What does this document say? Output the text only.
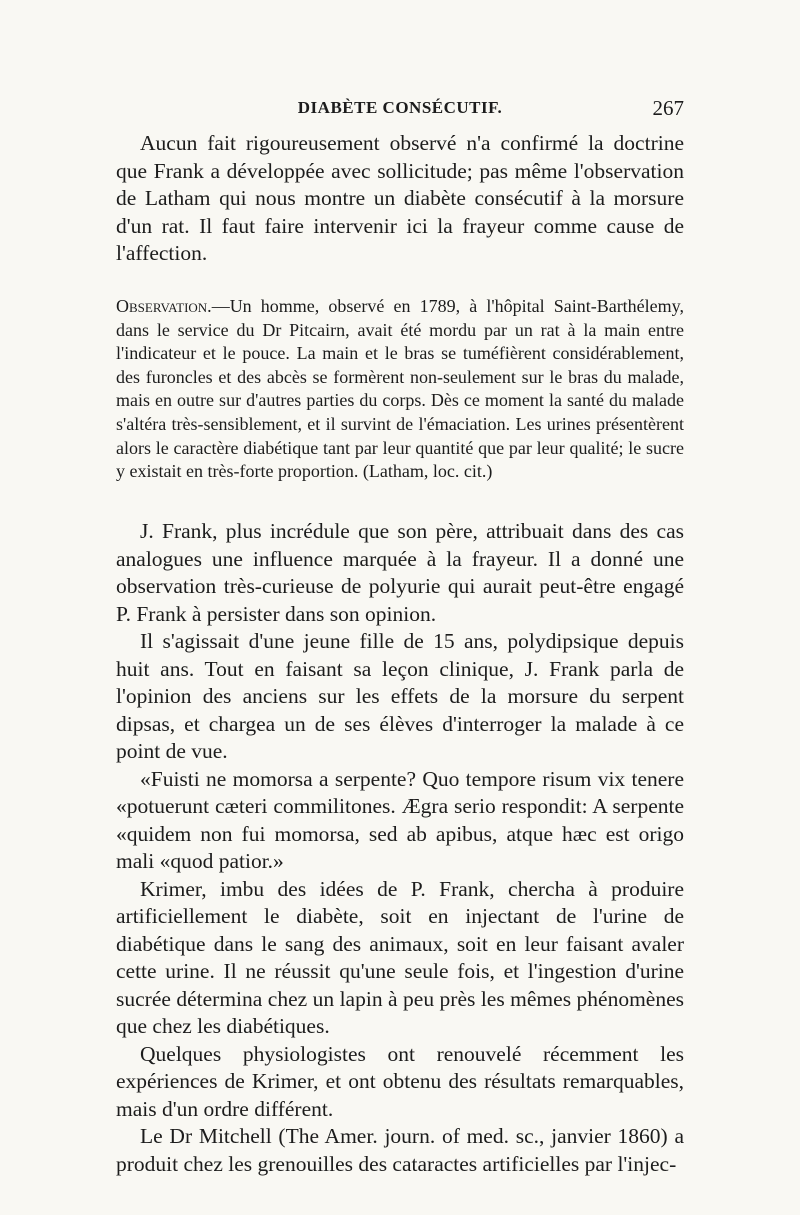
DIABÈTE CONSÉCUTIF.	267

Aucun fait rigoureusement observé n'a confirmé la doctrine que Frank a développée avec sollicitude; pas même l'observation de Latham qui nous montre un diabète consécutif à la morsure d'un rat. Il faut faire intervenir ici la frayeur comme cause de l'affection.

Observation.—Un homme, observé en 1789, à l'hôpital Saint-Barthélemy, dans le service du Dr Pitcairn, avait été mordu par un rat à la main entre l'indicateur et le pouce. La main et le bras se tuméfièrent considérablement, des furoncles et des abcès se formèrent non-seulement sur le bras du malade, mais en outre sur d'autres parties du corps. Dès ce moment la santé du malade s'altéra très-sensiblement, et il survint de l'émaciation. Les urines présentèrent alors le caractère diabétique tant par leur quantité que par leur qualité; le sucre y existait en très-forte proportion. (Latham, loc. cit.)

J. Frank, plus incrédule que son père, attribuait dans des cas analogues une influence marquée à la frayeur. Il a donné une observation très-curieuse de polyurie qui aurait peut-être engagé P. Frank à persister dans son opinion.

Il s'agissait d'une jeune fille de 15 ans, polydipsique depuis huit ans. Tout en faisant sa leçon clinique, J. Frank parla de l'opinion des anciens sur les effets de la morsure du serpent dipsas, et chargea un de ses élèves d'interroger la malade à ce point de vue.

«Fuisti ne momorsa a serpente? Quo tempore risum vix tenere «potuerunt cæteri commilitones. Ægra serio respondit: A serpente «quidem non fui momorsa, sed ab apibus, atque hæc est origo mali «quod patior.»

Krimer, imbu des idées de P. Frank, chercha à produire artificiellement le diabète, soit en injectant de l'urine de diabétique dans le sang des animaux, soit en leur faisant avaler cette urine. Il ne réussit qu'une seule fois, et l'ingestion d'urine sucrée détermina chez un lapin à peu près les mêmes phénomènes que chez les diabétiques.

Quelques physiologistes ont renouvelé récemment les expériences de Krimer, et ont obtenu des résultats remarquables, mais d'un ordre différent.

Le Dr Mitchell (The Amer. journ. of med. sc., janvier 1860) a produit chez les grenouilles des cataractes artificielles par l'injec-
